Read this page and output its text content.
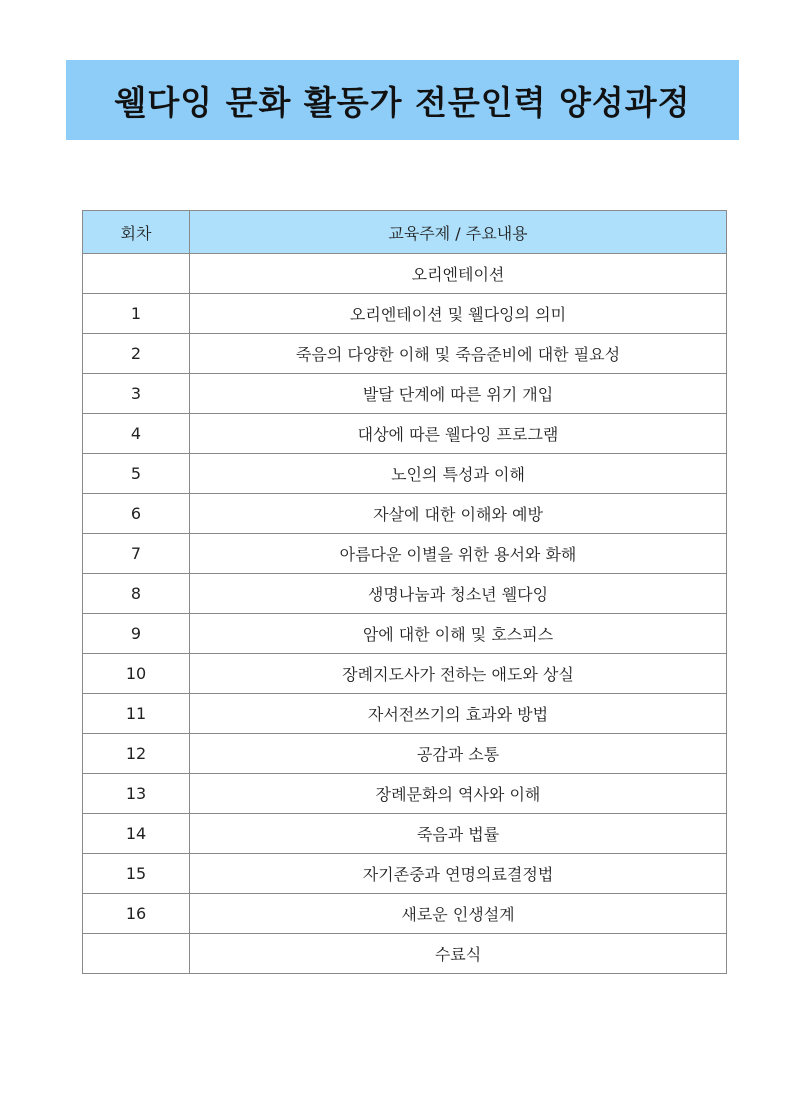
웰다잉 문화 활동가 전문인력 양성과정
회차	교육주제 / 주요내용
	오리엔테이션
1	오리엔테이션 및 웰다잉의 의미
2	죽음의 다양한 이해 및 죽음준비에 대한 필요성
3	발달 단계에 따른 위기 개입
4	대상에 따른 웰다잉 프로그램
5	노인의 특성과 이해
6	자살에 대한 이해와 예방
7	아름다운 이별을 위한 용서와 화해
8	생명나눔과 청소년 웰다잉
9	암에 대한 이해 및 호스피스
10	장례지도사가 전하는 애도와 상실
11	자서전쓰기의 효과와 방법
12	공감과 소통
13	장례문화의 역사와 이해
14	죽음과 법률
15	자기존중과 연명의료결정법
16	새로운 인생설계
	수료식
